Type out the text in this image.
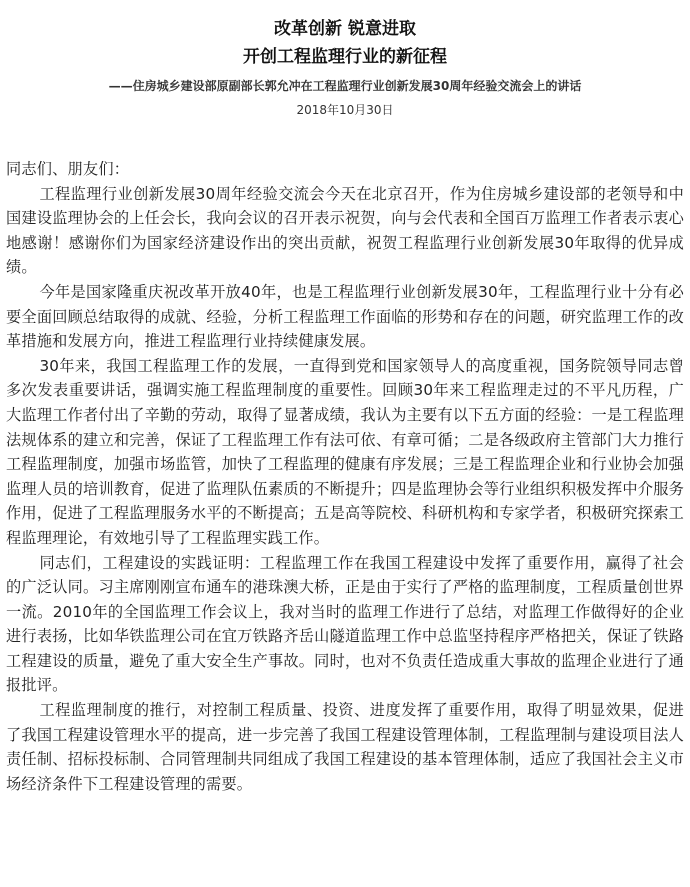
改革创新 锐意进取
开创工程监理行业的新征程
——住房城乡建设部原副部长郭允冲在工程监理行业创新发展30周年经验交流会上的讲话
2018年10月30日

同志们、朋友们：

工程监理行业创新发展30周年经验交流会今天在北京召开，作为住房城乡建设部的老领导和中国建设监理协会的上任会长，我向会议的召开表示祝贺，向与会代表和全国百万监理工作者表示衷心地感谢！感谢你们为国家经济建设作出的突出贡献，祝贺工程监理行业创新发展30年取得的优异成绩。

今年是国家隆重庆祝改革开放40年，也是工程监理行业创新发展30年，工程监理行业十分有必要全面回顾总结取得的成就、经验，分析工程监理工作面临的形势和存在的问题，研究监理工作的改革措施和发展方向，推进工程监理行业持续健康发展。

30年来，我国工程监理工作的发展，一直得到党和国家领导人的高度重视，国务院领导同志曾多次发表重要讲话，强调实施工程监理制度的重要性。回顾30年来工程监理走过的不平凡历程，广大监理工作者付出了辛勤的劳动，取得了显著成绩，我认为主要有以下五方面的经验：一是工程监理法规体系的建立和完善，保证了工程监理工作有法可依、有章可循；二是各级政府主管部门大力推行工程监理制度，加强市场监管，加快了工程监理的健康有序发展；三是工程监理企业和行业协会加强监理人员的培训教育，促进了监理队伍素质的不断提升；四是监理协会等行业组织积极发挥中介服务作用，促进了工程监理服务水平的不断提高；五是高等院校、科研机构和专家学者，积极研究探索工程监理理论，有效地引导了工程监理实践工作。

同志们，工程建设的实践证明：工程监理工作在我国工程建设中发挥了重要作用，赢得了社会的广泛认同。习主席刚刚宣布通车的港珠澳大桥，正是由于实行了严格的监理制度，工程质量创世界一流。2010年的全国监理工作会议上，我对当时的监理工作进行了总结，对监理工作做得好的企业进行表扬，比如华铁监理公司在宜万铁路齐岳山隧道监理工作中总监坚持程序严格把关，保证了铁路工程建设的质量，避免了重大安全生产事故。同时，也对不负责任造成重大事故的监理企业进行了通报批评。

工程监理制度的推行，对控制工程质量、投资、进度发挥了重要作用，取得了明显效果，促进了我国工程建设管理水平的提高，进一步完善了我国工程建设管理体制，工程监理制与建设项目法人责任制、招标投标制、合同管理制共同组成了我国工程建设的基本管理体制，适应了我国社会主义市场经济条件下工程建设管理的需要。
